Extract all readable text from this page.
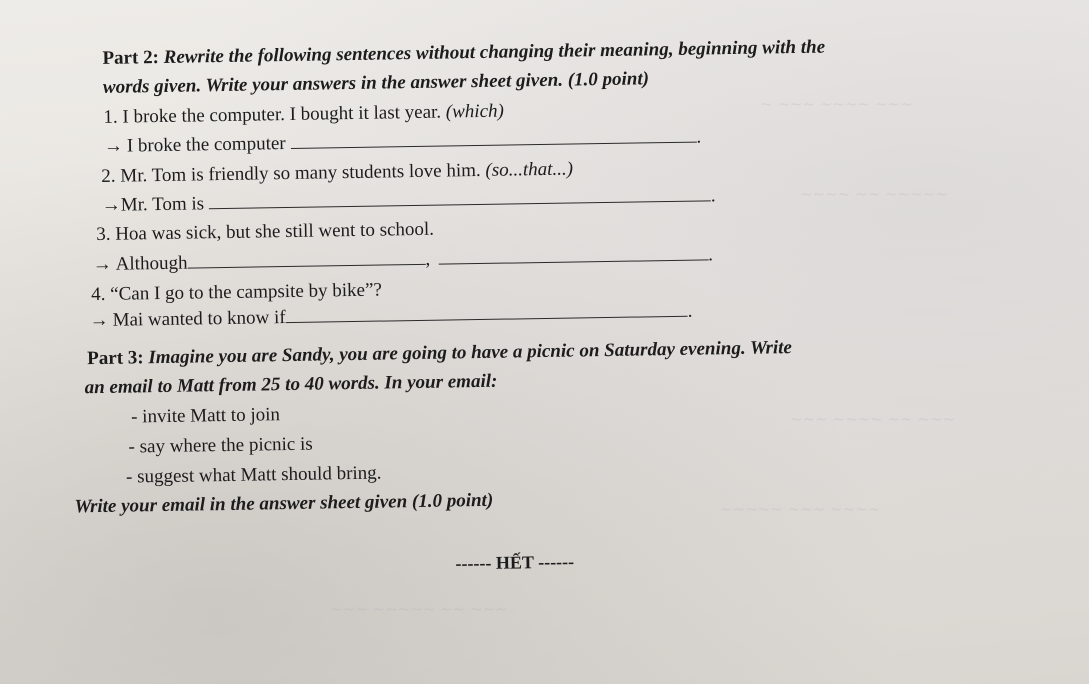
~ ~~~ ~~~~ ~~~
~~~~ ~~ ~~~~~
~~~ ~~~~ ~~ ~~~
~~~~~ ~~~ ~~~~
~~~ ~~~~~ ~~ ~~~
Part 2: Rewrite the following sentences without changing their meaning, beginning with the
words given. Write your answers in the answer sheet given. (1.0 point)
1. I broke the computer. I bought it last year. (which)
→ I broke the computer	.
2. Mr. Tom is friendly so many students love him. (so...that...)
→Mr. Tom is	.
3. Hoa was sick, but she still went to school.
→ Although	,	.
4. “Can I go to the campsite by bike”?
→ Mai wanted to know if	.
Part 3: Imagine you are Sandy, you are going to have a picnic on Saturday evening. Write
an email to Matt from 25 to 40 words. In your email:
- invite Matt to join
- say where the picnic is
- suggest what Matt should bring.
Write your email in the answer sheet given (1.0 point)
------ HẾT ------
